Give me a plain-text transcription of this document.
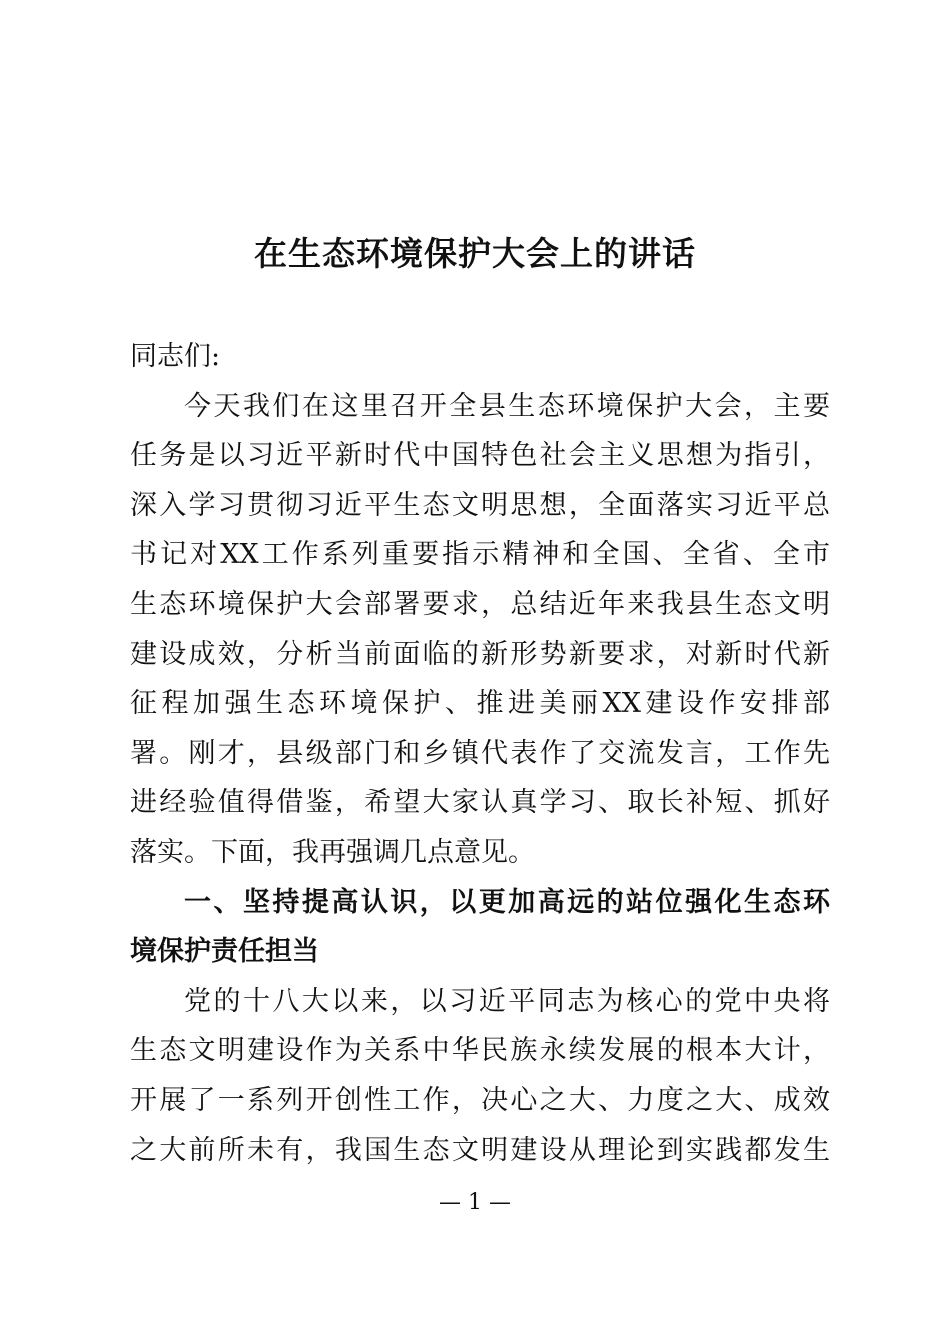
在生态环境保护大会上的讲话
同志们:
今天我们在这里召开全县生态环境保护大会，主要
任务是以习近平新时代中国特色社会主义思想为指引，
深入学习贯彻习近平生态文明思想，全面落实习近平总
书记对XX工作系列重要指示精神和全国、全省、全市
生态环境保护大会部署要求，总结近年来我县生态文明
建设成效，分析当前面临的新形势新要求，对新时代新
征程加强生态环境保护、推进美丽XX建设作安排部
署。刚才，县级部门和乡镇代表作了交流发言，工作先
进经验值得借鉴，希望大家认真学习、取长补短、抓好
落实。下面，我再强调几点意见。
一、坚持提高认识，以更加高远的站位强化生态环
境保护责任担当
党的十八大以来，以习近平同志为核心的党中央将
生态文明建设作为关系中华民族永续发展的根本大计，
开展了一系列开创性工作，决心之大、力度之大、成效
之大前所未有，我国生态文明建设从理论到实践都发生
— 1 —
